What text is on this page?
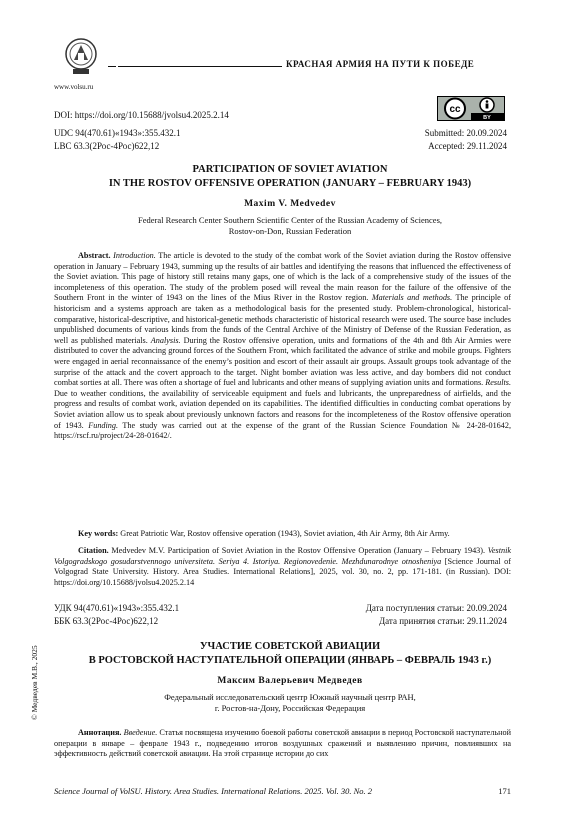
www.volsu.ru
КРАСНАЯ АРМИЯ НА ПУТИ К ПОБЕДЕ
DOI: https://doi.org/10.15688/jvolsu4.2025.2.14	cc
BY
UDC 94(470.61)«1943»:355.432.1
LBC 63.3(2Рос-4Рос)622,12
Submitted: 20.09.2024
Accepted: 29.11.2024
PARTICIPATION OF SOVIET AVIATION
IN THE ROSTOV OFFENSIVE OPERATION (JANUARY – FEBRUARY 1943)
Maxim V. Medvedev
Federal Research Center Southern Scientific Center of the Russian Academy of Sciences,
Rostov-on-Don, Russian Federation
Abstract. Introduction. The article is devoted to the study of the combat work of the Soviet aviation during the Rostov offensive operation in January – February 1943, summing up the results of air battles and identifying the reasons that influenced the effectiveness of the Soviet aviation. This page of history still retains many gaps, one of which is the lack of a comprehensive study of the issues of the incompleteness of this operation. The study of the problem posed will reveal the main reason for the failure of the offensive of the Southern Front in the winter of 1943 on the lines of the Mius River in the Rostov region. Materials and methods. The principle of historicism and a systems approach are taken as a methodological basis for the presented study. Problem-chronological, historical-comparative, historical-descriptive, and historical-genetic methods characteristic of historical research were used. The source base includes unpublished documents of various kinds from the funds of the Central Archive of the Ministry of Defense of the Russian Federation, as well as published materials. Analysis. During the Rostov offensive operation, units and formations of the 4th and 8th Air Armies were distributed to cover the advancing ground forces of the Southern Front, which facilitated the advance of strike and mobile groups. Fighters were engaged in aerial reconnaissance of the enemy’s position and escort of their assault air groups. Assault groups took advantage of the surprise of the attack and the covert approach to the target. Night bomber aviation was less active, and day bombers did not conduct combat sorties at all. There was often a shortage of fuel and lubricants and other means of supplying aviation units and formations. Results. Due to weather conditions, the availability of serviceable equipment and fuels and lubricants, the unpreparedness of airfields, and the progress and results of combat work, aviation depended on its capabilities. The identified difficulties in conducting combat operations by Soviet aviation allow us to speak about previously unknown factors and reasons for the incompleteness of the Rostov offensive operation of 1943. Funding. The study was carried out at the expense of the grant of the Russian Science Foundation № 24-28-01642, https://rscf.ru/project/24-28-01642/.
Key words: Great Patriotic War, Rostov offensive operation (1943), Soviet aviation, 4th Air Army, 8th Air Army.
Citation. Medvedev M.V. Participation of Soviet Aviation in the Rostov Offensive Operation (January – February 1943). Vestnik Volgogradskogo gosudarstvennogo universiteta. Seriya 4. Istoriya. Regionovedenie. Mezhdunarodnye otnosheniya [Science Journal of Volgograd State University. History. Area Studies. International Relations], 2025, vol. 30, no. 2, pp. 171-181. (in Russian). DOI: https://doi.org/10.15688/jvolsu4.2025.2.14
УДК 94(470.61)«1943»:355.432.1
ББК 63.3(2Рос-4Рос)622,12
Дата поступления статьи: 20.09.2024
Дата принятия статьи: 29.11.2024
УЧАСТИЕ СОВЕТСКОЙ АВИАЦИИ
В РОСТОВСКОЙ НАСТУПАТЕЛЬНОЙ ОПЕРАЦИИ (ЯНВАРЬ – ФЕВРАЛЬ 1943 г.)
Максим Валерьевич Медведев
Федеральный исследовательский центр Южный научный центр РАН,
г. Ростов-на-Дону, Российская Федерация
Аннотация. Введение. Статья посвящена изучению боевой работы советской авиации в период Ростовской наступательной операции в январе – феврале 1943 г., подведению итогов воздушных сражений и выявлению причин, повлиявших на эффективность действий советской авиации. На этой странице истории до сих
© Медведев М.В., 2025
Science Journal of VolSU. History. Area Studies. International Relations. 2025. Vol. 30. No. 2	171
